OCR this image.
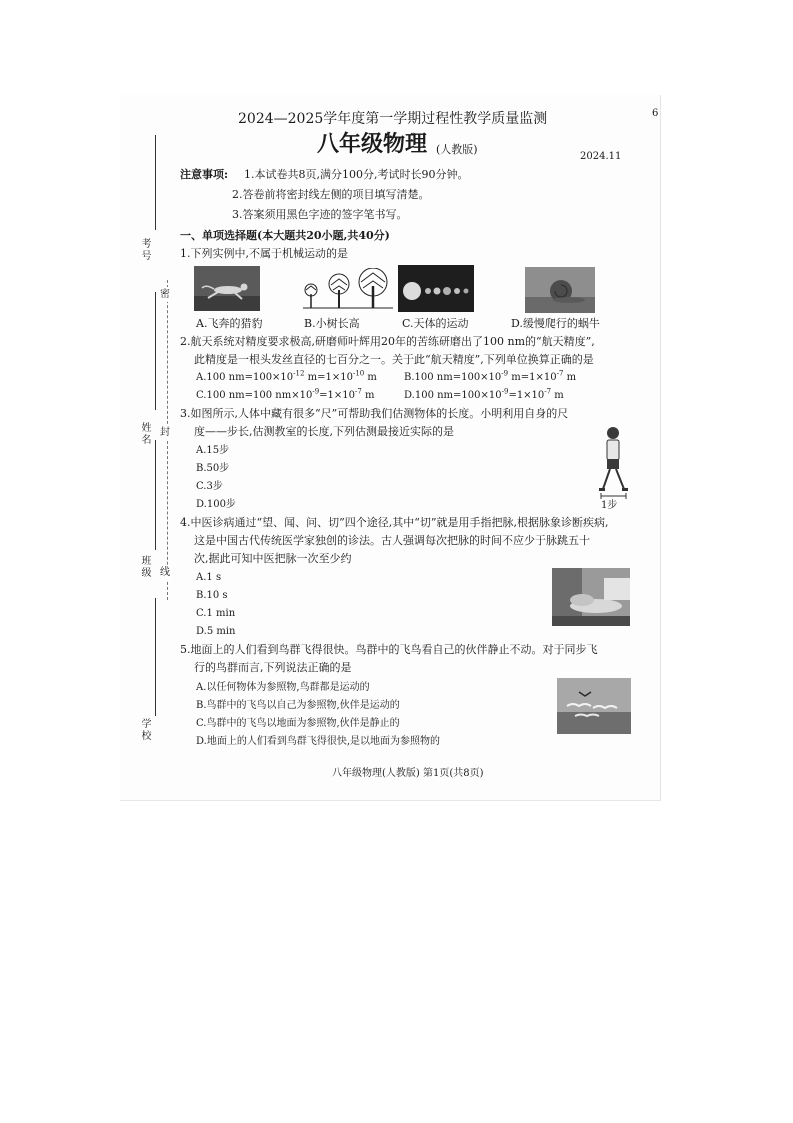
6
考号
姓名
班级
学校
密
封
线
2024—2025学年度第一学期过程性教学质量监测
八年级物理 (人教版)
2024.11
注意事项: 1.本试卷共8页,满分100分,考试时长90分钟。
2.答卷前将密封线左侧的项目填写清楚。
3.答案须用黑色字迹的签字笔书写。
一、单项选择题(本大题共20小题,共40分)
1.下列实例中,不属于机械运动的是
A.飞奔的猎豹	B.小树长高	C.天体的运动	D.缓慢爬行的蜗牛
2.航天系统对精度要求极高,研磨师叶辉用20年的苦练研磨出了100 nm的“航天精度”,
此精度是一根头发丝直径的七百分之一。关于此“航天精度”,下列单位换算正确的是
A.100 $nm=100\times 10^{-12}$ $m=1\times 10^{-10}$ m	B.100 $nm=100\times 10^{-9}$ $m=1\times 10^{-7}$ m
C.100 nm=100 $nm\times 10^{-9}=1\times 10^{-7}$ m	D.100 $nm=100\times 10^{-9}=1\times 10^{-7}$ m
3.如图所示,人体中藏有很多“尺”可帮助我们估测物体的长度。小明利用自身的尺
度——步长,估测教室的长度,下列估测最接近实际的是
A.15步
B.50步
C.3步
D.100步	1步
4.中医诊病通过“望、闻、问、切”四个途径,其中“切”就是用手指把脉,根据脉象诊断疾病,
这是中国古代传统医学家独创的诊法。古人强调每次把脉的时间不应少于脉跳五十
次,据此可知中医把脉一次至少约
A.1 s
B.10 s
C.1 min
D.5 min
5.地面上的人们看到鸟群飞得很快。鸟群中的飞鸟看自己的伙伴静止不动。对于同步飞
行的鸟群而言,下列说法正确的是
A.以任何物体为参照物,鸟群都是运动的
B.鸟群中的飞鸟以自己为参照物,伙伴是运动的
C.鸟群中的飞鸟以地面为参照物,伙伴是静止的
D.地面上的人们看到鸟群飞得很快,是以地面为参照物的
八年级物理(人教版) 第1页(共8页)
